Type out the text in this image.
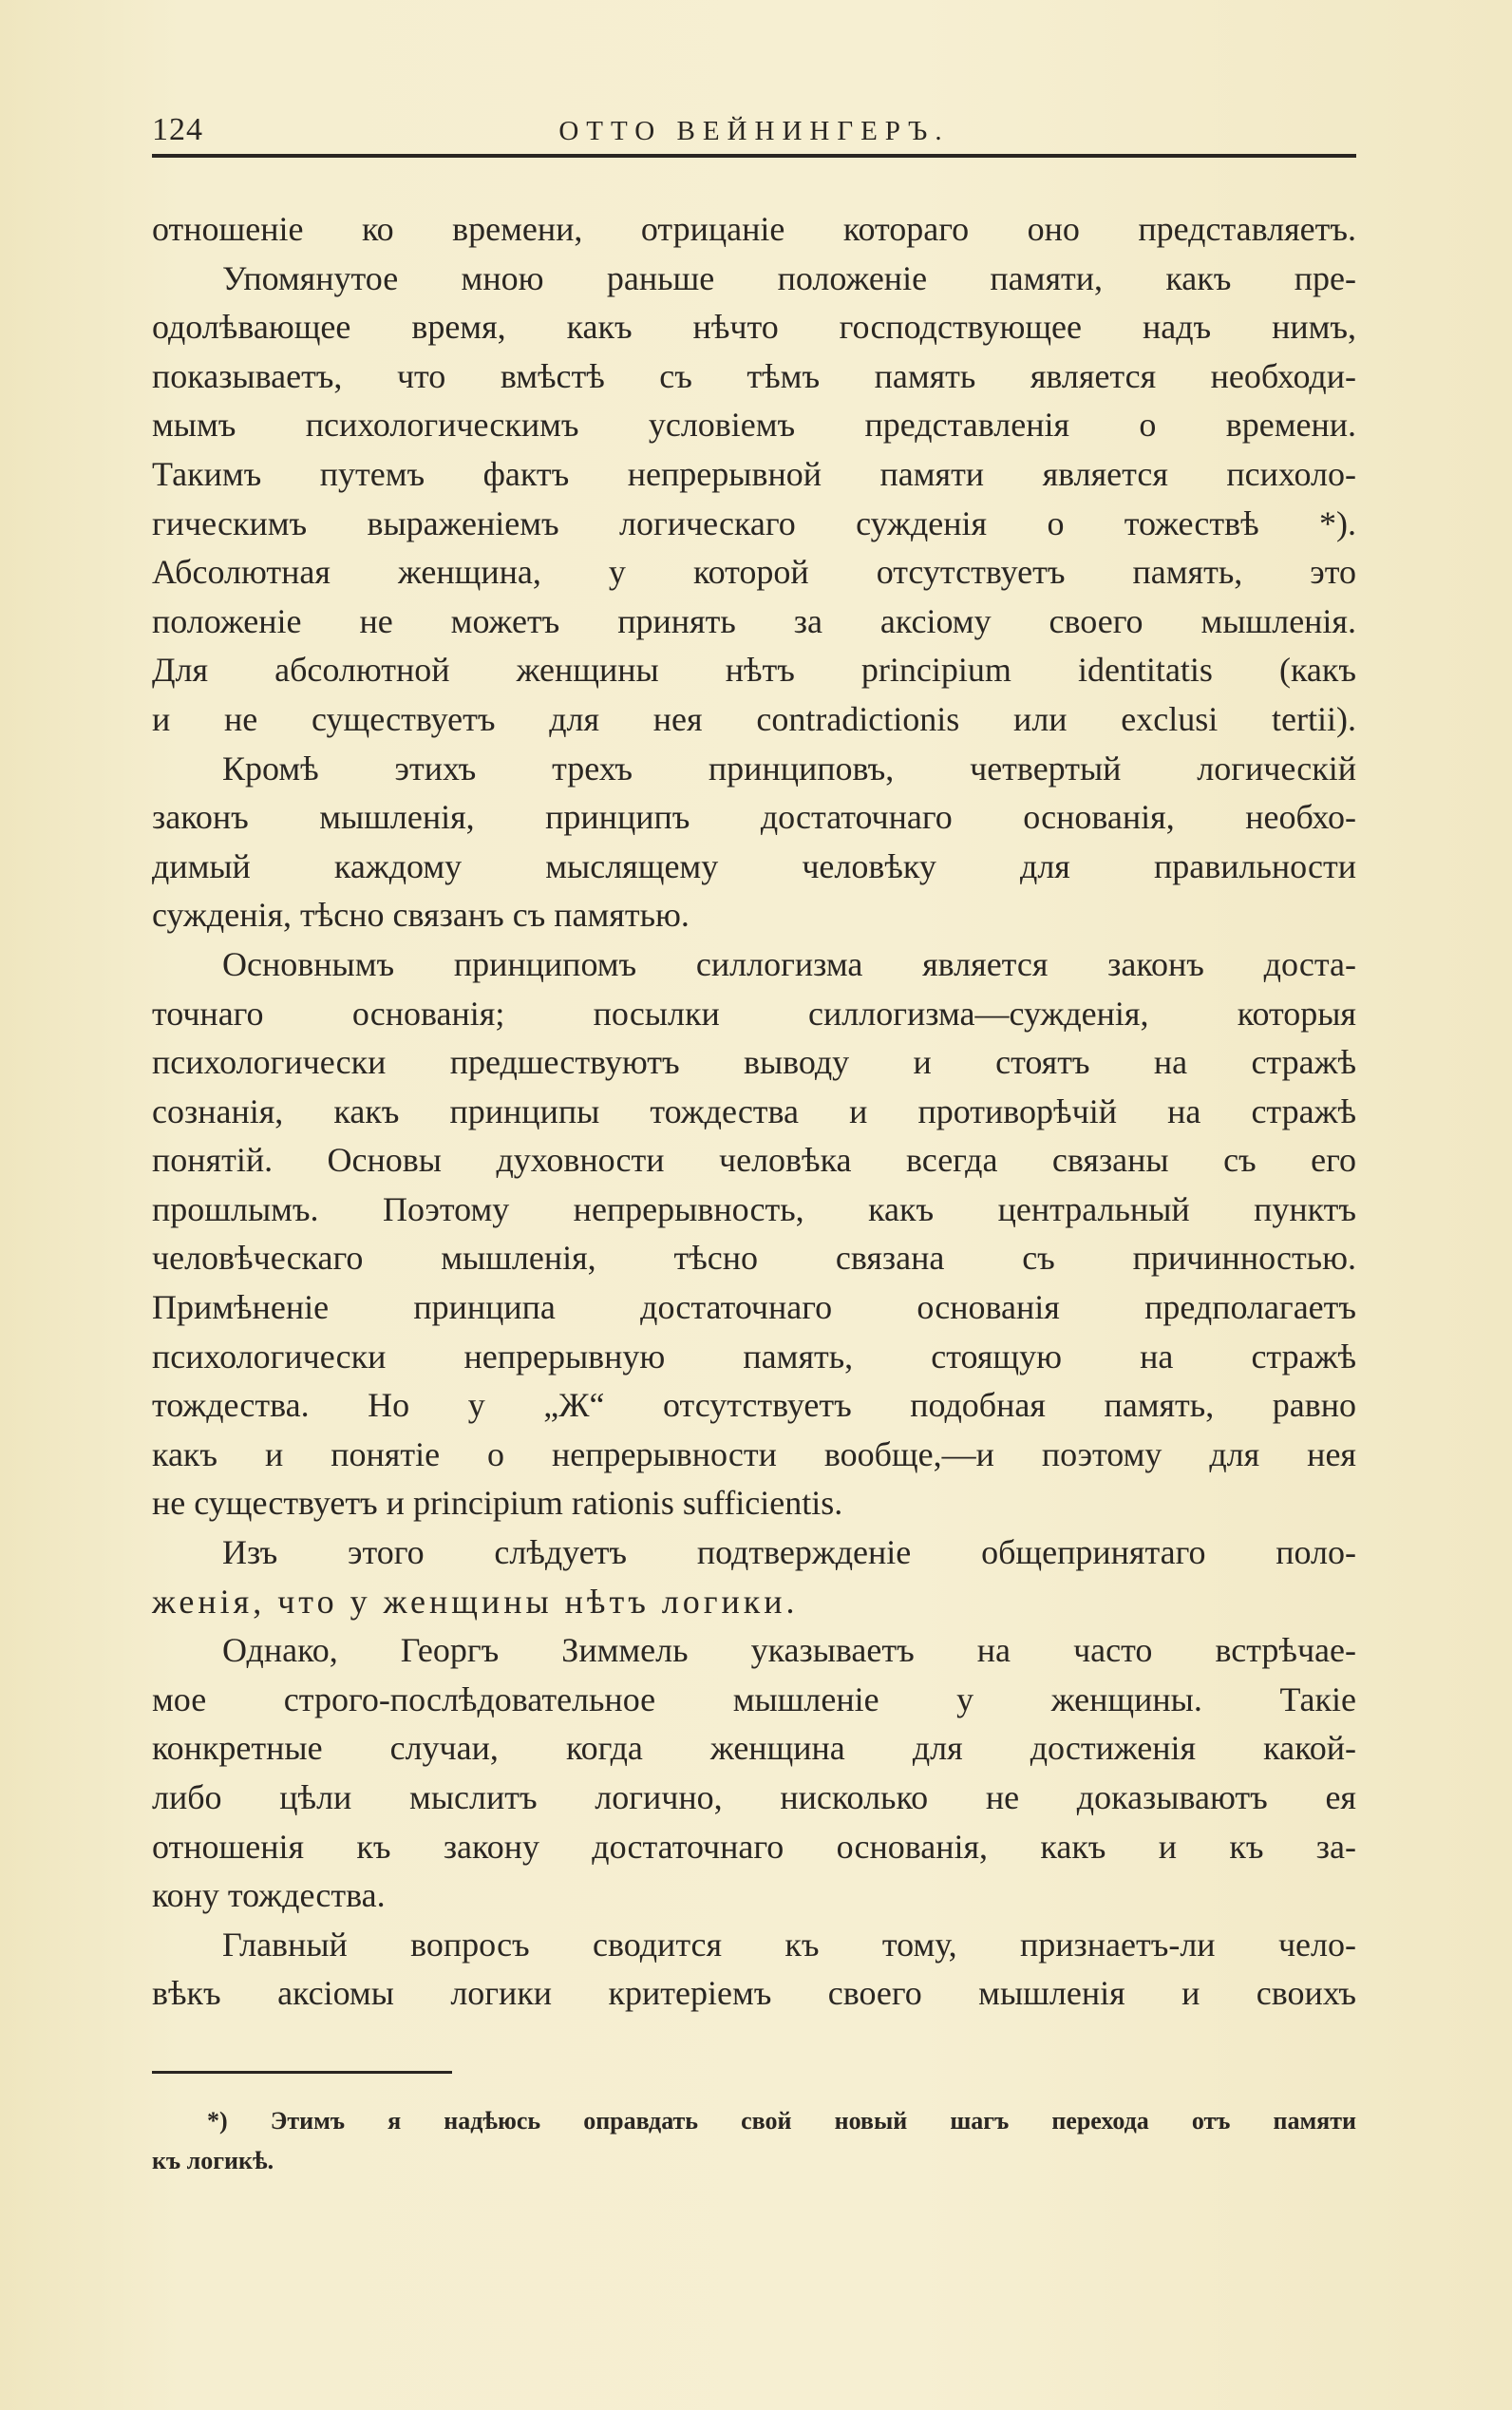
124	ОТТО ВЕЙНИНГЕРЪ.
отношеніе ко времени, отрицаніе котораго оно представляетъ.
Упомянутое мною раньше положеніе памяти, какъ пре-
одолѣвающее время, какъ нѣчто господствующее надъ нимъ,
показываетъ, что вмѣстѣ съ тѣмъ память является необходи-
мымъ психологическимъ условіемъ представленія о времени.
Такимъ путемъ фактъ непрерывной памяти является психоло-
гическимъ выраженіемъ логическаго сужденія о тожествѣ *).
Абсолютная женщина, у которой отсутствуетъ память, это
положеніе не можетъ принять за аксіому своего мышленія.
Для абсолютной женщины нѣтъ principium identitatis (какъ
и не существуетъ для нея contradictionis или exclusi tertii).
Кромѣ этихъ трехъ принциповъ, четвертый логическій
законъ мышленія, принципъ достаточнаго основанія, необхо-
димый каждому мыслящему человѣку для правильности
сужденія, тѣсно связанъ съ памятью.
Основнымъ принципомъ силлогизма является законъ доста-
точнаго основанія; посылки силлогизма—сужденія, которыя
психологически предшествуютъ выводу и стоятъ на стражѣ
сознанія, какъ принципы тождества и противорѣчій на стражѣ
понятій. Основы духовности человѣка всегда связаны съ его
прошлымъ. Поэтому непрерывность, какъ центральный пунктъ
человѣческаго мышленія, тѣсно связана съ причинностью.
Примѣненіе принципа достаточнаго основанія предполагаетъ
психологически непрерывную память, стоящую на стражѣ
тождества. Но у „Ж“ отсутствуетъ подобная память, равно
какъ и понятіе о непрерывности вообще,—и поэтому для нея
не существуетъ и principium rationis sufficientis.
Изъ этого слѣдуетъ подтвержденіе общепринятаго поло-
женія, что у женщины нѣтъ логики.
Однако, Георгъ Зиммель указываетъ на часто встрѣчае-
мое строго-послѣдовательное мышленіе у женщины. Такіе
конкретные случаи, когда женщина для достиженія какой-
либо цѣли мыслитъ логично, нисколько не доказываютъ ея
отношенія къ закону достаточнаго основанія, какъ и къ за-
кону тождества.
Главный вопросъ сводится къ тому, признаетъ-ли чело-
вѣкъ аксіомы логики критеріемъ своего мышленія и своихъ
*) Этимъ я надѣюсь оправдать свой новый шагъ перехода отъ памяти
къ логикѣ.
